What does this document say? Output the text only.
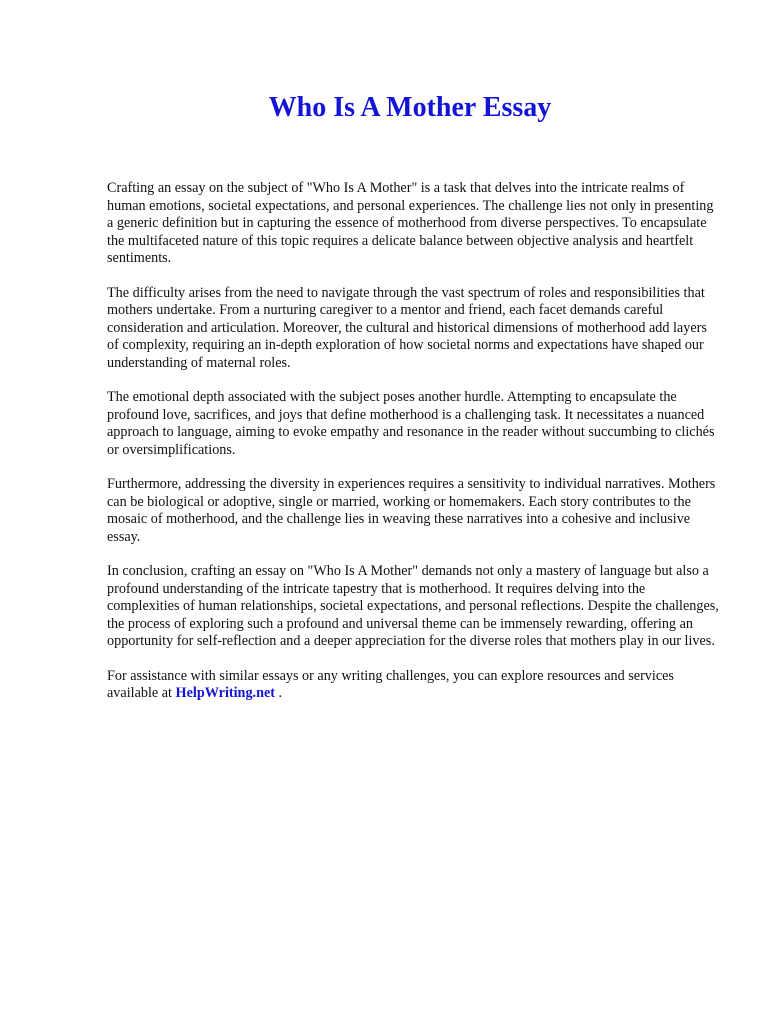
Who Is A Mother Essay

Crafting an essay on the subject of "Who Is A Mother" is a task that delves into the intricate realms of human emotions, societal expectations, and personal experiences. The challenge lies not only in presenting a generic definition but in capturing the essence of motherhood from diverse perspectives. To encapsulate the multifaceted nature of this topic requires a delicate balance between objective analysis and heartfelt sentiments.

The difficulty arises from the need to navigate through the vast spectrum of roles and responsibilities that mothers undertake. From a nurturing caregiver to a mentor and friend, each facet demands careful consideration and articulation. Moreover, the cultural and historical dimensions of motherhood add layers of complexity, requiring an in-depth exploration of how societal norms and expectations have shaped our understanding of maternal roles.

The emotional depth associated with the subject poses another hurdle. Attempting to encapsulate the profound love, sacrifices, and joys that define motherhood is a challenging task. It necessitates a nuanced approach to language, aiming to evoke empathy and resonance in the reader without succumbing to clichés or oversimplifications.

Furthermore, addressing the diversity in experiences requires a sensitivity to individual narratives. Mothers can be biological or adoptive, single or married, working or homemakers. Each story contributes to the mosaic of motherhood, and the challenge lies in weaving these narratives into a cohesive and inclusive essay.

In conclusion, crafting an essay on "Who Is A Mother" demands not only a mastery of language but also a profound understanding of the intricate tapestry that is motherhood. It requires delving into the complexities of human relationships, societal expectations, and personal reflections. Despite the challenges, the process of exploring such a profound and universal theme can be immensely rewarding, offering an opportunity for self-reflection and a deeper appreciation for the diverse roles that mothers play in our lives.

For assistance with similar essays or any writing challenges, you can explore resources and services available at HelpWriting.net .
